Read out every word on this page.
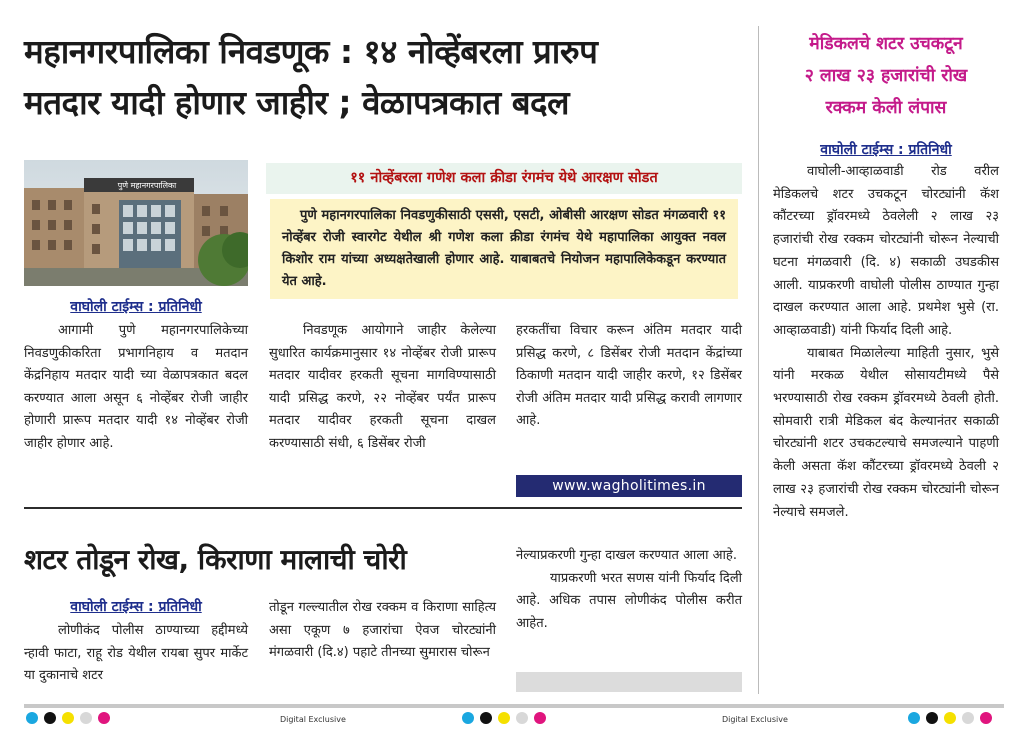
महानगरपालिका निवडणूक : १४ नोव्हेंबरला प्रारुप
मतदार यादी होणार जाहीर ; वेळापत्रकात बदल
पुणे महानगरपालिका	११ नोव्हेंबरला गणेश कला क्रीडा रंगमंच येथे आरक्षण सोडत
पुणे महानगरपालिका निवडणुकीसाठी एससी, एसटी, ओबीसी आरक्षण सोडत मंगळवारी ११ नोव्हेंबर रोजी स्वारगेट येथील श्री गणेश कला क्रीडा रंगमंच येथे महापालिका आयुक्त नवल किशोर राम यांच्या अध्यक्षतेखाली होणार आहे. याबाबतचे नियोजन महापालिकेकडून करण्यात येत आहे.
वाघोली टाईम्स : प्रतिनिधी

आगामी पुणे महानगरपालिकेच्या निवडणुकीकरिता प्रभागनिहाय व मतदान केंद्रनिहाय मतदार यादी च्या वेळापत्रकात बदल करण्यात आला असून ६ नोव्हेंबर रोजी जाहीर होणारी प्रारूप मतदार यादी १४ नोव्हेंबर रोजी जाहीर होणार आहे.

निवडणूक आयोगाने जाहीर केलेल्या सुधारित कार्यक्रमानुसार १४ नोव्हेंबर रोजी प्रारूप मतदार यादीवर हरकती सूचना मागविण्यासाठी यादी प्रसिद्ध करणे, २२ नोव्हेंबर पर्यंत प्रारूप मतदार यादीवर हरकती सूचना दाखल करण्यासाठी संधी, ६ डिसेंबर रोजी

हरकतींचा विचार करून अंतिम मतदार यादी प्रसिद्ध करणे, ८ डिसेंबर रोजी मतदान केंद्रांच्या ठिकाणी मतदान यादी जाहीर करणे, १२ डिसेंबर रोजी अंतिम मतदार यादी प्रसिद्ध करावी लागणार आहे.

www.wagholitimes.in
शटर तोडून रोख, किराणा मालाची चोरी
वाघोली टाईम्स : प्रतिनिधी

लोणीकंद पोलीस ठाण्याच्या हद्दीमध्ये न्हावी फाटा, राहू रोड येथील रायबा सुपर मार्केट या दुकानाचे शटर

तोडून गल्ल्यातील रोख रक्कम व किराणा साहित्य असा एकूण ७ हजारांचा ऐवज चोरट्यांनी मंगळवारी (दि.४) पहाटे तीनच्या सुमारास चोरून

नेल्याप्रकरणी गुन्हा दाखल करण्यात आला आहे.

याप्रकरणी भरत सणस यांनी फिर्याद दिली आहे. अधिक तपास लोणीकंद पोलीस करीत आहेत.

मेडिकलचे शटर उचकटून
२ लाख २३ हजारांची रोख
रक्कम केली लंपास
वाघोली टाईम्स : प्रतिनिधी

वाघोली-आव्हाळवाडी रोड वरील मेडिकलचे शटर उचकटून चोरट्यांनी कॅश काैंटरच्या ड्रॉवरमध्ये ठेवलेली २ लाख २३ हजारांची रोख रक्कम चोरट्यांनी चोरून नेल्याची घटना मंगळवारी (दि. ४) सकाळी उघडकीस आली. याप्रकरणी वाघोली पोलीस ठाण्यात गुन्हा दाखल करण्यात आला आहे. प्रथमेश भुसे (रा. आव्हाळवाडी) यांनी फिर्याद दिली आहे.

याबाबत मिळालेल्या माहिती नुसार, भुसे यांनी मरकळ येथील सोसायटीमध्ये पैसे भरण्यासाठी रोख रक्कम ड्रॉवरमध्ये ठेवली होती. सोमवारी रात्री मेडिकल बंद केल्यानंतर सकाळी चोरट्यांनी शटर उचकटल्याचे समजल्याने पाहणी केली असता कॅश काैंटरच्या ड्रॉवरमध्ये ठेवली २ लाख २३ हजारांची रोख रक्कम चोरट्यांनी चोरून नेल्याचे समजले.

Digital Exclusive	Digital Exclusive
